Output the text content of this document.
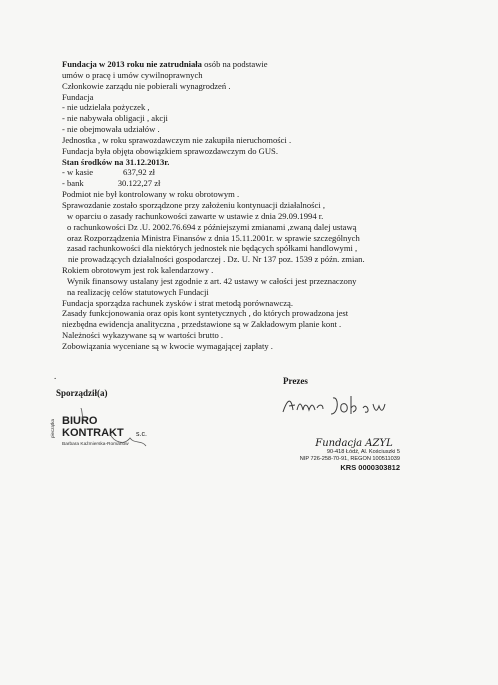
Fundacja w 2013 roku nie zatrudniała osób na podstawie
umów o pracę i umów cywilnoprawnych
Członkowie zarządu nie pobierali wynagrodzeń .
Fundacja
- nie udzielała pożyczek ,
- nie nabywała obligacji , akcji
- nie obejmowała udziałów .
Jednostka , w roku sprawozdawczym nie zakupiła nieruchomości .
Fundacja była objęta obowiązkiem sprawozdawczym do GUS.
Stan środków na 31.12.2013r.
- w kasie	637,92 zł
- bank	30.122,27 zł
Podmiot nie był kontrolowany w roku obrotowym .
Sprawozdanie zostało sporządzone przy założeniu kontynuacji działalności ,
w oparciu o zasady rachunkowości zawarte w ustawie z dnia 29.09.1994 r.
o rachunkowości Dz .U. 2002.76.694 z późniejszymi zmianami ,zwaną dalej ustawą
oraz Rozporządzenia Ministra Finansów z dnia 15.11.2001r. w sprawie szczególnych
zasad rachunkowości dla niektórych jednostek nie będących spółkami handlowymi ,
nie prowadzących działalności gospodarczej . Dz. U. Nr 137 poz. 1539 z późn. zmian.
Rokiem obrotowym jest rok kalendarzowy .
Wynik finansowy ustalany jest zgodnie z art. 42 ustawy w całości jest przeznaczony
na realizację celów statutowych Fundacji
Fundacja sporządza rachunek zysków i strat metodą porównawczą.
Zasady funkcjonowania oraz opis kont syntetycznych , do których prowadzona jest
niezbędna ewidencja analityczna , przedstawione są w Zakładowym planie kont .
Należności wykazywane są w wartości brutto .
Zobowiązania wyceniane są w kwocie wymagającej zapłaty .
.
Sporządził(a)
Prezes
pieczątka BIURO
KONTRAKT s.c.
Barbara Kaźmierska-Romanow	Fundacja AZYL
90-418 Łódź, Al. Kościuszki 5
NIP 726-258-70-91, REGON 100511039
KRS 0000303812
